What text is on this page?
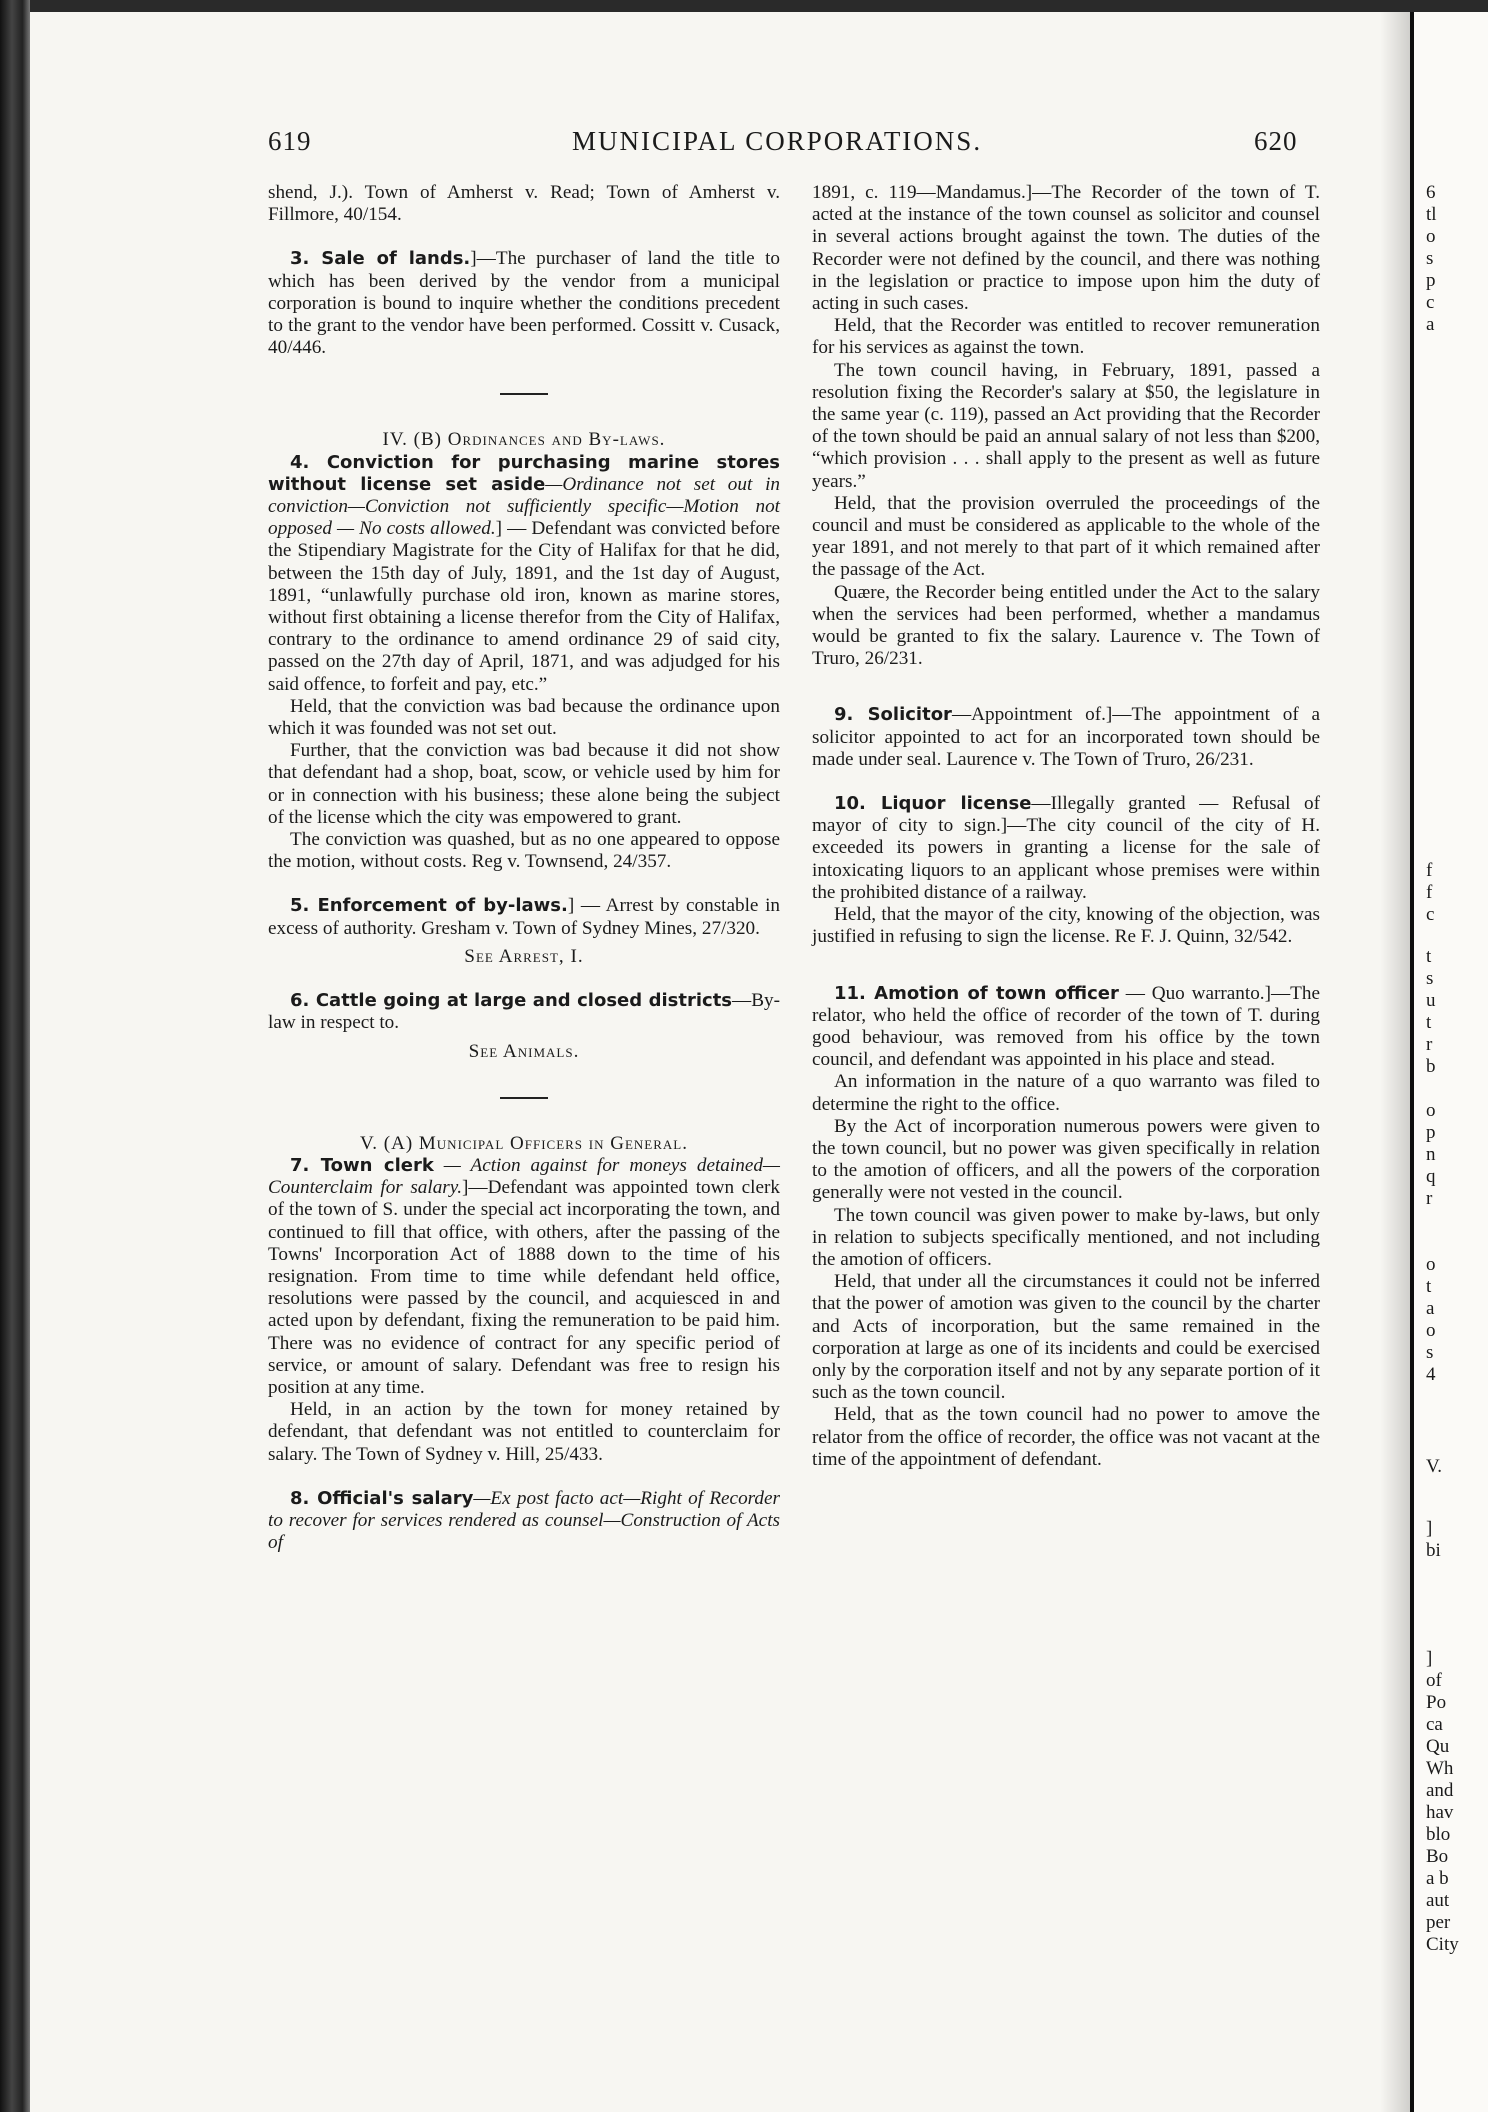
6
tl
o
s
p
c
a
f
f
c
t
s
u
t
r
b
o
p
n
q
r
o
t
a
o
s
4
V.
]
bi
]
of
Po
ca
Qu
Wh
and
hav
blo
Bo
a b
aut
per
City
619	MUNICIPAL CORPORATIONS.	620

shend, J.). Town of Amherst v. Read; Town of Amherst v. Fillmore, 40/154.

3. Sale of lands.]—The purchaser of land the title to which has been derived by the vendor from a municipal corporation is bound to inquire whether the conditions precedent to the grant to the vendor have been performed. Cossitt v. Cusack, 40/446.

IV. (B) Ordinances and By-laws.

4. Conviction for purchasing marine stores without license set aside—Ordinance not set out in conviction—Conviction not sufficiently specific—Motion not opposed — No costs allowed.] — Defendant was convicted before the Stipendiary Magistrate for the City of Halifax for that he did, between the 15th day of July, 1891, and the 1st day of August, 1891, “unlawfully purchase old iron, known as marine stores, without first obtaining a license therefor from the City of Halifax, contrary to the ordinance to amend ordinance 29 of said city, passed on the 27th day of April, 1871, and was adjudged for his said offence, to forfeit and pay, etc.”

Held, that the conviction was bad because the ordinance upon which it was founded was not set out.

Further, that the conviction was bad because it did not show that defendant had a shop, boat, scow, or vehicle used by him for or in connection with his business; these alone being the subject of the license which the city was empowered to grant.

The conviction was quashed, but as no one appeared to oppose the motion, without costs. Reg v. Townsend, 24/357.

5. Enforcement of by-laws.] — Arrest by constable in excess of authority. Gresham v. Town of Sydney Mines, 27/320.

See Arrest, I.

6. Cattle going at large and closed districts—By-law in respect to.

See Animals.

V. (A) Municipal Officers in General.

7. Town clerk — Action against for moneys detained—Counterclaim for salary.]—Defendant was appointed town clerk of the town of S. under the special act incorporating the town, and continued to fill that office, with others, after the passing of the Towns' Incorporation Act of 1888 down to the time of his resignation. From time to time while defendant held office, resolutions were passed by the council, and acquiesced in and acted upon by defendant, fixing the remuneration to be paid him. There was no evidence of contract for any specific period of service, or amount of salary. Defendant was free to resign his position at any time.

Held, in an action by the town for money retained by defendant, that defendant was not entitled to counterclaim for salary. The Town of Sydney v. Hill, 25/433.

8. Official's salary—Ex post facto act—Right of Recorder to recover for services rendered as counsel—Construction of Acts of

1891, c. 119—Mandamus.]—The Recorder of the town of T. acted at the instance of the town counsel as solicitor and counsel in several actions brought against the town. The duties of the Recorder were not defined by the council, and there was nothing in the legislation or practice to impose upon him the duty of acting in such cases.

Held, that the Recorder was entitled to recover remuneration for his services as against the town.

The town council having, in February, 1891, passed a resolution fixing the Recorder's salary at $50, the legislature in the same year (c. 119), passed an Act providing that the Recorder of the town should be paid an annual salary of not less than $200, “which provision . . . shall apply to the present as well as future years.”

Held, that the provision overruled the proceedings of the council and must be considered as applicable to the whole of the year 1891, and not merely to that part of it which remained after the passage of the Act.

Quære, the Recorder being entitled under the Act to the salary when the services had been performed, whether a mandamus would be granted to fix the salary. Laurence v. The Town of Truro, 26/231.

9. Solicitor—Appointment of.]—The appointment of a solicitor appointed to act for an incorporated town should be made under seal. Laurence v. The Town of Truro, 26/231.

10. Liquor license—Illegally granted — Refusal of mayor of city to sign.]—The city council of the city of H. exceeded its powers in granting a license for the sale of intoxicating liquors to an applicant whose premises were within the prohibited distance of a railway.

Held, that the mayor of the city, knowing of the objection, was justified in refusing to sign the license. Re F. J. Quinn, 32/542.

11. Amotion of town officer — Quo warranto.]—The relator, who held the office of recorder of the town of T. during good behaviour, was removed from his office by the town council, and defendant was appointed in his place and stead.

An information in the nature of a quo warranto was filed to determine the right to the office.

By the Act of incorporation numerous powers were given to the town council, but no power was given specifically in relation to the amotion of officers, and all the powers of the corporation generally were not vested in the council.

The town council was given power to make by-laws, but only in relation to subjects specifically mentioned, and not including the amotion of officers.

Held, that under all the circumstances it could not be inferred that the power of amotion was given to the council by the charter and Acts of incorporation, but the same remained in the corporation at large as one of its incidents and could be exercised only by the corporation itself and not by any separate portion of it such as the town council.

Held, that as the town council had no power to amove the relator from the office of recorder, the office was not vacant at the time of the appointment of defendant.
